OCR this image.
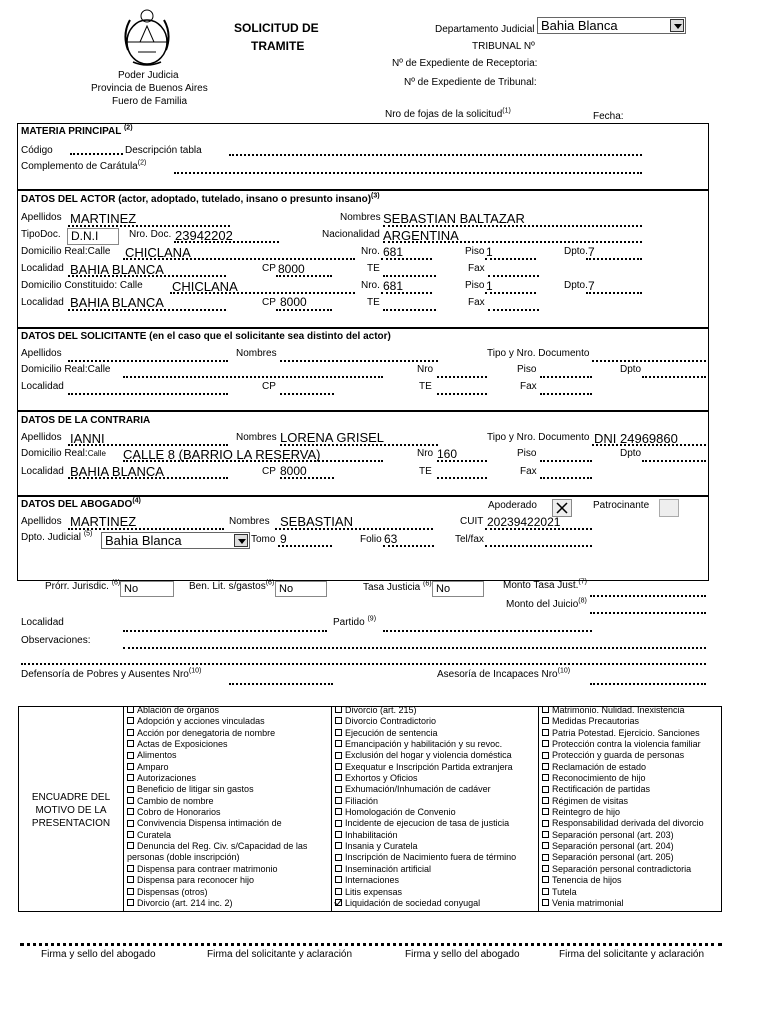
SOLICITUD DE
TRAMITE
Poder Judicia
Provincia de Buenos Aires
Fuero de Familia
Departamento Judicial Bahia Blanca
TRIBUNAL Nº
Nº de Expediente de Receptoria:
Nº de Expediente de Tribunal:
Nro de fojas de la solicitud$^{(1)}$	Fecha:
MATERIA PRINCIPAL $^{(2)}$
Código	Descripción tabla
Complemento de Carátula$^{(2)}$
DATOS DEL ACTOR (actor, adoptado, tutelado, insano o presunto insano)$^{(3)}$
Apellidos MARTINEZ	Nombres SEBASTIAN BALTAZAR
TipoDoc. D.N.I	Nro. Doc. 23942202	Nacionalidad ARGENTINA
Domicilio Real:Calle CHICLANA	Nro. 681	Piso 1	Dpto. 7
Localidad BAHIA BLANCA	CP 8000	TE	Fax
Domicilio Constituido: Calle CHICLANA	Nro. 681	Piso 1	Dpto. 7
Localidad BAHIA BLANCA	CP 8000	TE	Fax
DATOS DEL SOLICITANTE (en el caso que el solicitante sea distinto del actor)
Apellidos	Nombres	Tipo y Nro. Documento
Domicilio Real:Calle	Nro	Piso	Dpto
Localidad	CP	TE	Fax
DATOS DE LA CONTRARIA
Apellidos IANNI	Nombres LORENA GRISEL	Tipo y Nro. Documento DNI 24969860
Domicilio Real:Calle CALLE 8 (BARRIO LA RESERVA)	Nro 160	Piso	Dpto
Localidad BAHIA BLANCA	CP 8000	TE	Fax
DATOS DEL ABOGADO$^{(4)}$	Apoderado	Patrocinante
Apellidos MARTINEZ	Nombres SEBASTIAN	CUIT 20239422021
Dpto. Judicial $^{(5)}$ Bahia Blanca	Tomo 9	Folio 63	Tel/fax
Prórr. Jurisdic. $^{(6)}$ No	Ben. Lit. s/gastos$^{(6)}$ No	Tasa Justicia $^{(6)}$ No	Monto Tasa Just.$^{(7)}$
Monto del Juicio$^{(8)}$
Localidad	Partido $^{(9)}$
Observaciones:
Defensoría de Pobres y Ausentes Nro$^{(10)}$	Asesoría de Incapaces Nro$^{(10)}$
ENCUADRE DEL
MOTIVO DE LA
PRESENTACION
Ablación de órganos
Adopción y acciones vinculadas
Acción por denegatoria de nombre
Actas de Exposiciones
Alimentos
Amparo
Autorizaciones
Beneficio de litigar sin gastos
Cambio de nombre
Cobro de Honorarios
Convivencia Dispensa intimación de
Curatela
Denuncia del Reg. Civ. s/Capacidad de las
personas (doble inscripción)
Dispensa para contraer matrimonio
Dispensa para reconocer hijo
Dispensas (otros)
Divorcio (art. 214 inc. 2)
Divorcio (art. 215)
Divorcio Contradictorio
Ejecución de sentencia
Emancipación y habilitación y su revoc.
Exclusión del hogar y violencia doméstica
Exequatur e Inscripción Partida extranjera
Exhortos y Oficios
Exhumación/Inhumación de cadáver
Filiación
Homologación de Convenio
Incidente de ejecucion de tasa de justicia
Inhabilitación
Insania y Curatela
Inscripción de Nacimiento fuera de término
Inseminación artificial
Internaciones
Litis expensas
Liquidación de sociedad conyugal
Matrimonio. Nulidad. Inexistencia
Medidas Precautorias
Patria Potestad. Ejercicio. Sanciones
Protección contra la violencia familiar
Protección y guarda de personas
Reclamación de estado
Reconocimiento de hijo
Rectificación de partidas
Régimen de visitas
Reintegro de hijo
Responsabilidad derivada del divorcio
Separación personal (art. 203)
Separación personal (art. 204)
Separación personal (art. 205)
Separación personal contradictoria
Tenencia de hijos
Tutela
Venia matrimonial
Firma y sello del abogado	Firma del solicitante y aclaración	Firma y sello del abogado	Firma del solicitante y aclaración
